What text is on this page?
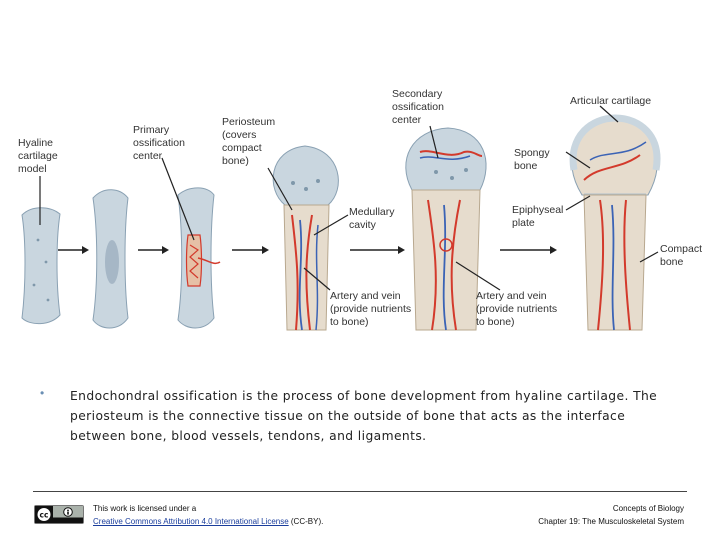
Hyaline cartilage model
Primary ossification center
Periosteum (covers compact bone)
Medullary cavity
Secondary ossification center
Artery and vein (provide nutrients to bone)
Artery and vein (provide nutrients to bone)
Articular cartilage
Spongy bone
Epiphyseal plate
Compact bone
• Endochondral ossification is the process of bone development from hyaline cartilage. The periosteum is the connective tissue on the outside of bone that acts as the interface between bone, blood vessels, tendons, and ligaments.
cc
This work is licensed under a
Creative Commons Attribution 4.0 International License (CC-BY).
Concepts of Biology
Chapter 19: The Musculoskeletal System
